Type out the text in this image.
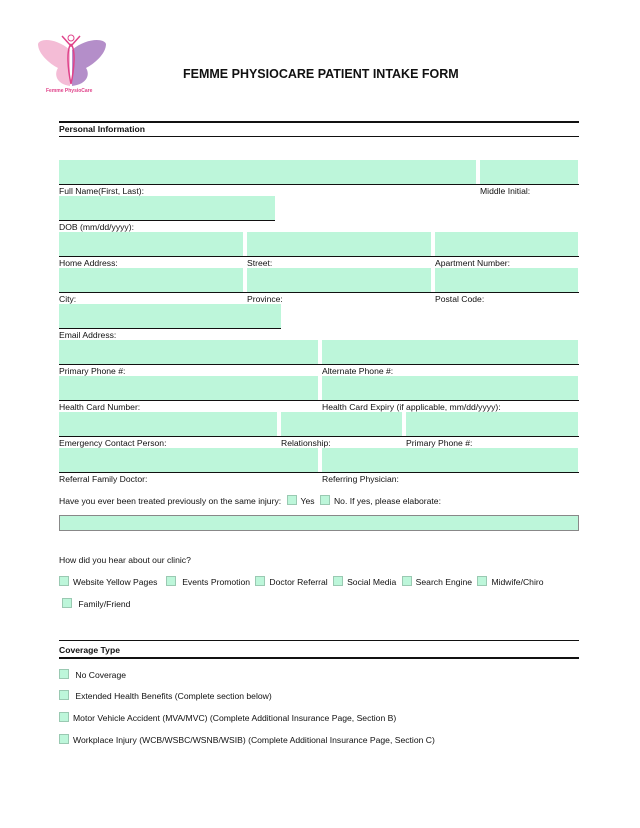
Femme PhysioCare
FEMME PHYSIOCARE PATIENT INTAKE FORM
Personal Information
Full Name(First, Last):	Middle Initial:
DOB (mm/dd/yyyy):
Home Address:	Street:	Apartment Number:
City:	Province:	Postal Code:
Email Address:
Primary Phone #:	Alternate Phone #:
Health Card Number:	Health Card Expiry (if applicable, mm/dd/yyyy):
Emergency Contact Person:	Relationship:	Primary Phone #:
Referral Family Doctor:	Referring Physician:
Have you ever been treated previously on the same injury: Yes No. If yes, please elaborate:
How did you hear about our clinic?
Website Yellow Pages	Events Promotion Doctor Referral Social Media Search Engine Midwife/Chiro
Family/Friend
Coverage Type
No Coverage
Extended Health Benefits (Complete section below)
Motor Vehicle Accident (MVA/MVC) (Complete Additional Insurance Page, Section B)
Workplace Injury (WCB/WSBC/WSNB/WSIB) (Complete Additional Insurance Page, Section C)
